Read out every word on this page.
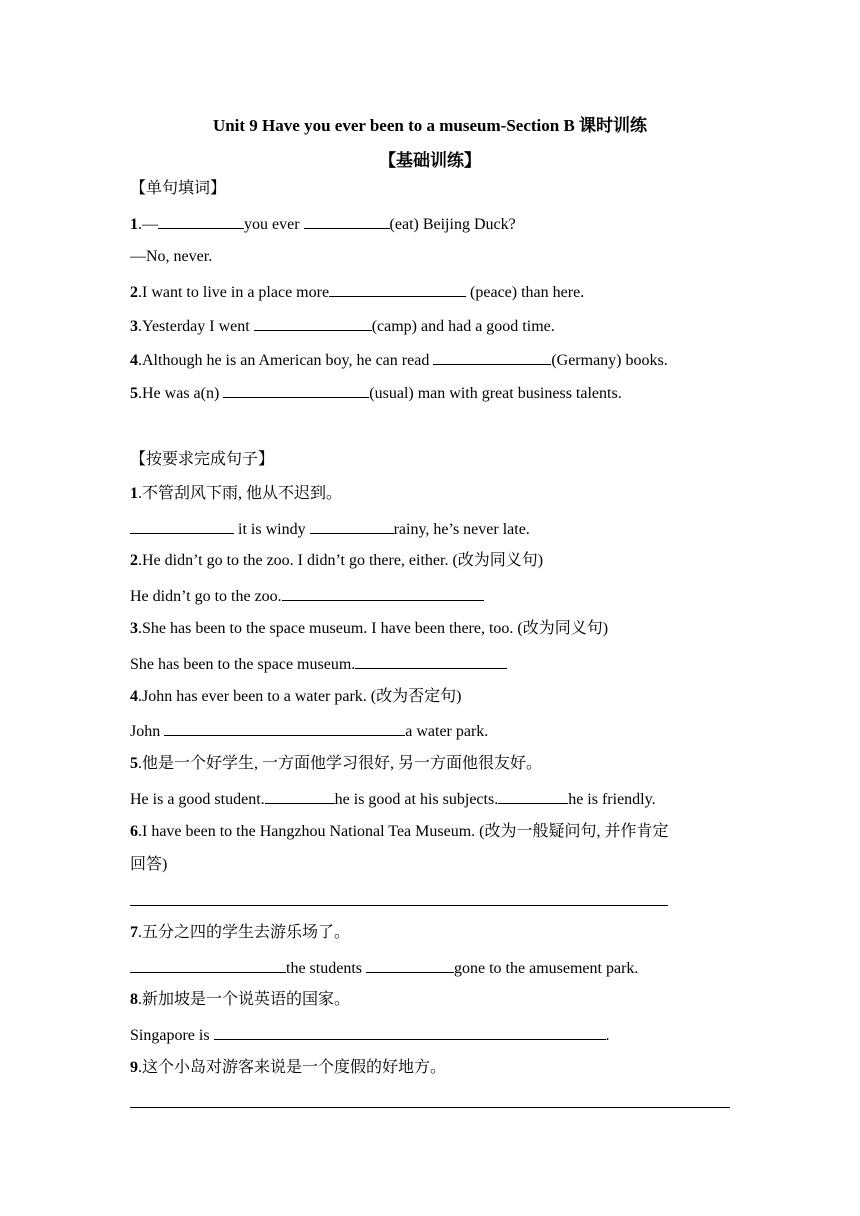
Unit 9 Have you ever been to a museum-Section B 课时训练
【基础训练】
【单句填词】
1.—	you ever	(eat) Beijing Duck?
—No, never.
2.I want to live in a place more	(peace) than here.
3.Yesterday I went	(camp) and had a good time.
4.Although he is an American boy, he can read	(Germany) books.
5.He was a(n)	(usual) man with great business talents.
【按要求完成句子】
1.不管刮风下雨, 他从不迟到。
it is windy	rainy, he’s never late.
2.He didn’t go to the zoo. I didn’t go there, either. (改为同义句)
He didn’t go to the zoo.
3.She has been to the space museum. I have been there, too. (改为同义句)
She has been to the space museum.
4.John has ever been to a water park. (改为否定句)
John	a water park.
5.他是一个好学生, 一方面他学习很好, 另一方面他很友好。
He is a good student.	he is good at his subjects.	he is friendly.
6.I have been to the Hangzhou National Tea Museum. (改为一般疑问句, 并作肯定
回答)
7.五分之四的学生去游乐场了。
the students	gone to the amusement park.
8.新加坡是一个说英语的国家。
Singapore is	.
9.这个小岛对游客来说是一个度假的好地方。
